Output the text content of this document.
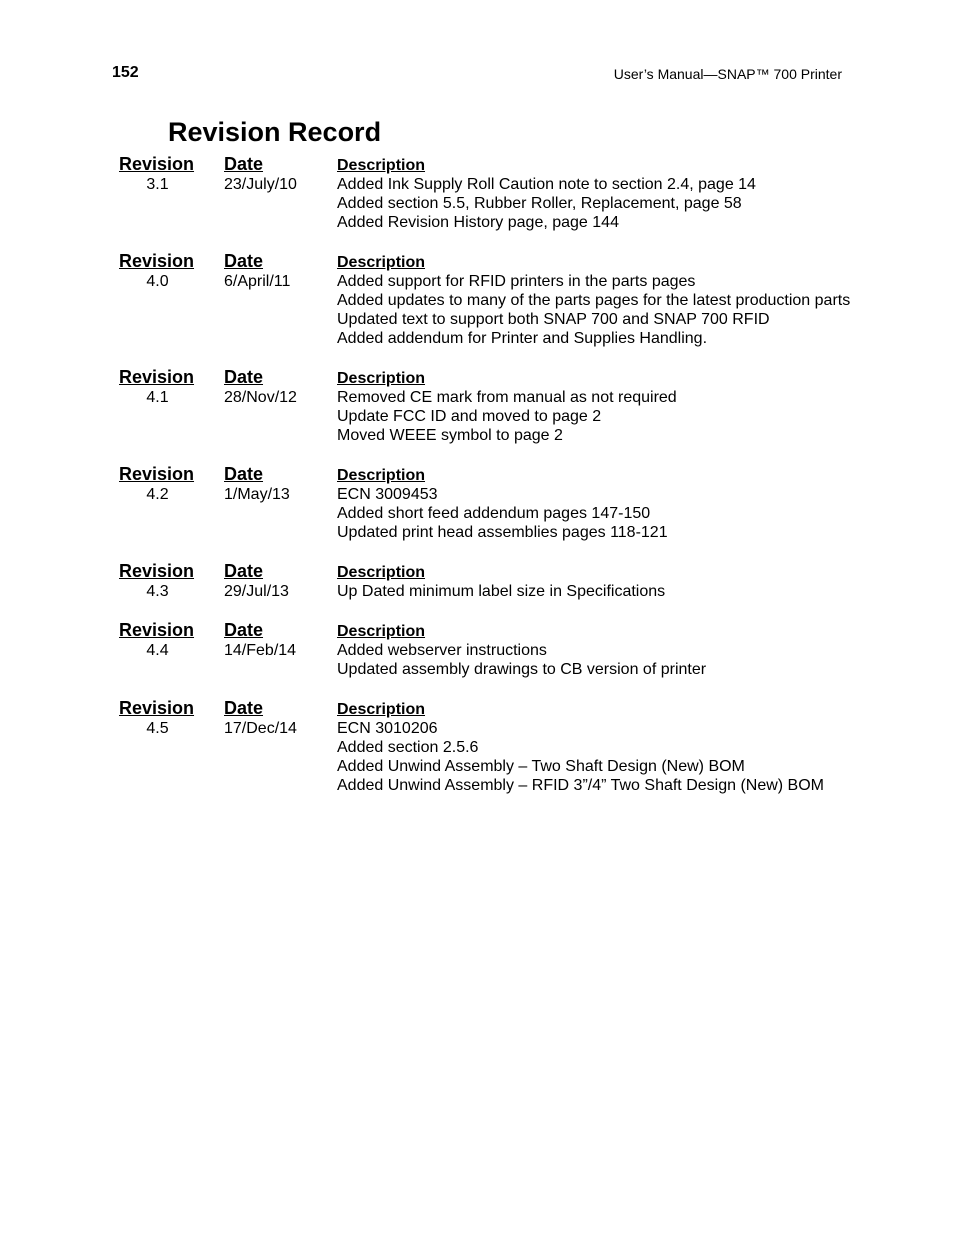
152	User’s Manual—SNAP™ 700 Printer
Revision Record
Revision Date	Description
3.1	23/July/10	Added Ink Supply Roll Caution note to section 2.4, page 14
Added section 5.5, Rubber Roller, Replacement, page 58
Added Revision History page, page 144
Revision Date	Description
4.0	6/April/11	Added support for RFID printers in the parts pages
Added updates to many of the parts pages for the latest production parts
Updated text to support both SNAP 700 and SNAP 700 RFID
Added addendum for Printer and Supplies Handling.
Revision Date	Description
4.1	28/Nov/12	Removed CE mark from manual as not required
Update FCC ID and moved to page 2
Moved WEEE symbol to page 2
Revision Date	Description
4.2	1/May/13	ECN 3009453
Added short feed addendum pages 147-150
Updated print head assemblies pages 118-121
Revision Date	Description
4.3	29/Jul/13	Up Dated minimum label size in Specifications
Revision Date	Description
4.4	14/Feb/14	Added webserver instructions
Updated assembly drawings to CB version of printer
Revision Date	Description
4.5	17/Dec/14	ECN 3010206
Added section 2.5.6
Added Unwind Assembly – Two Shaft Design (New) BOM
Added Unwind Assembly – RFID 3”/4” Two Shaft Design (New) BOM
